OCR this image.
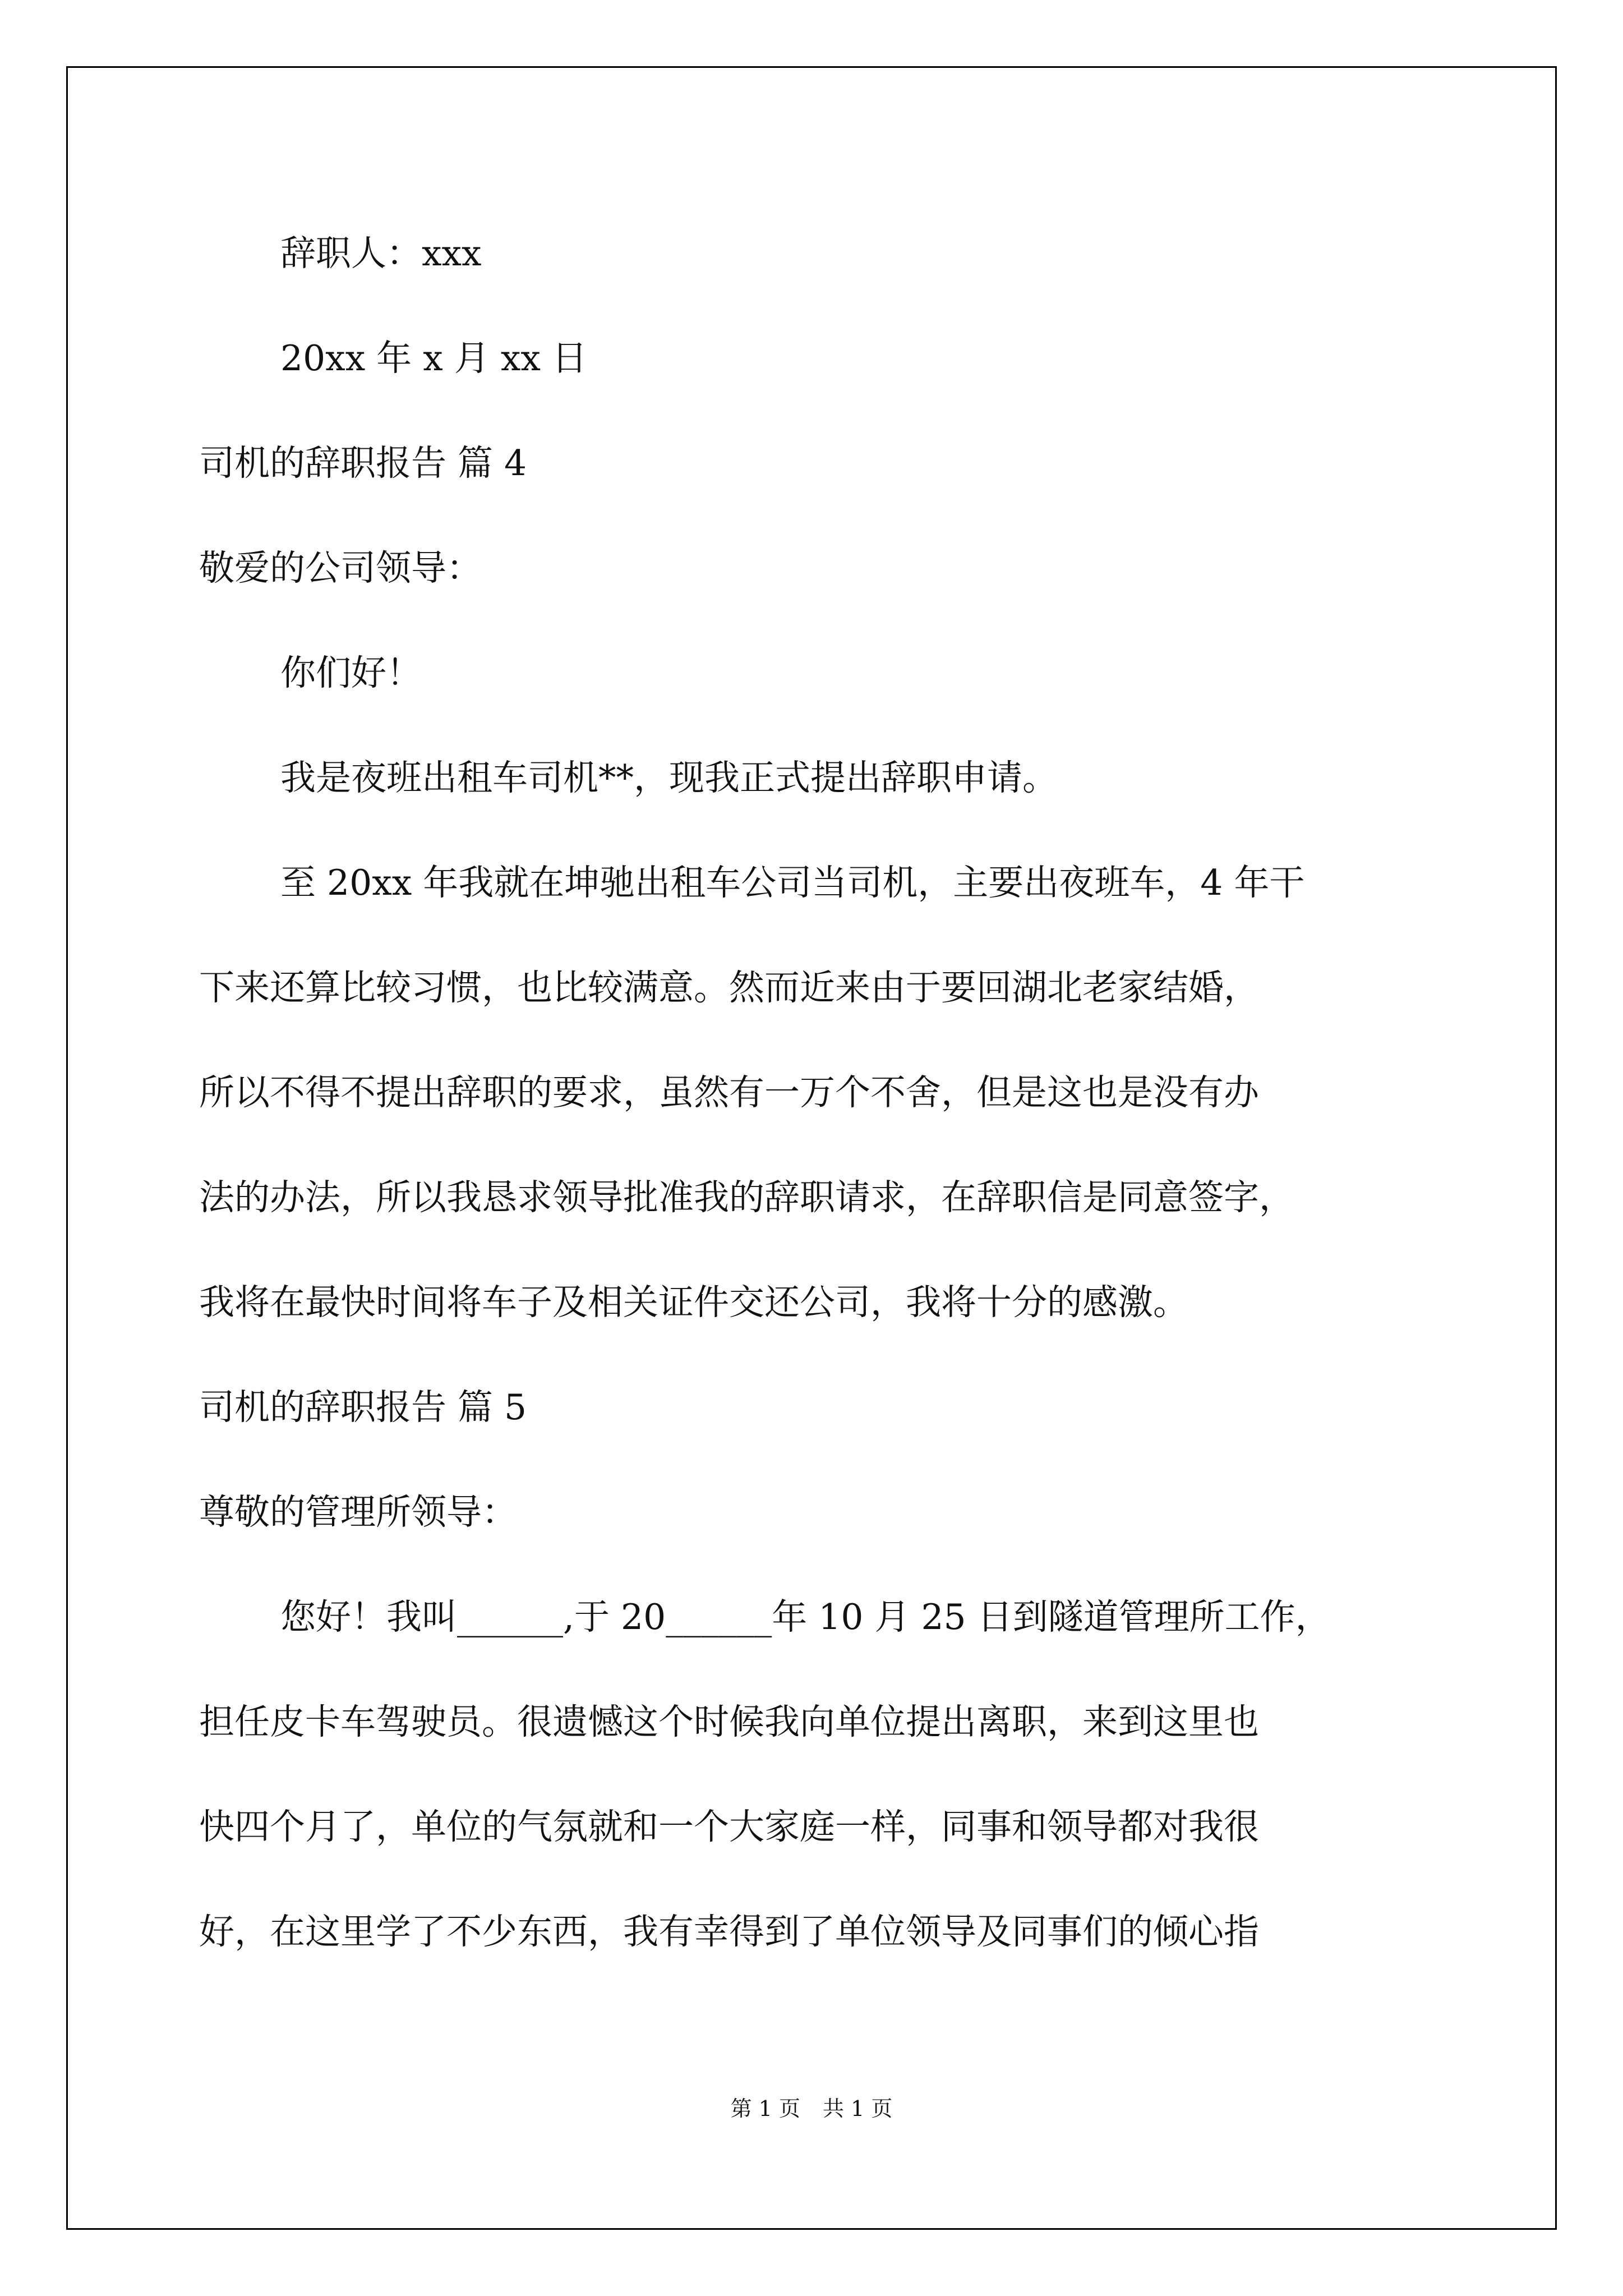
辞职人：xxx

20xx 年 x 月 xx 日

司机的辞职报告 篇 4

敬爱的公司领导：

你们好！

我是夜班出租车司机**，现我正式提出辞职申请。

至 20xx 年我就在坤驰出租车公司当司机，主要出夜班车，4 年干

下来还算比较习惯，也比较满意。然而近来由于要回湖北老家结婚，

所以不得不提出辞职的要求，虽然有一万个不舍，但是这也是没有办

法的办法，所以我恳求领导批准我的辞职请求，在辞职信是同意签字，

我将在最快时间将车子及相关证件交还公司，我将十分的感激。

司机的辞职报告 篇 5

尊敬的管理所领导：

您好！我叫______,于 20______年 10 月 25 日到隧道管理所工作，

担任皮卡车驾驶员。很遗憾这个时候我向单位提出离职，来到这里也

快四个月了，单位的气氛就和一个大家庭一样，同事和领导都对我很

好，在这里学了不少东西，我有幸得到了单位领导及同事们的倾心指

第 1 页 共 1 页
